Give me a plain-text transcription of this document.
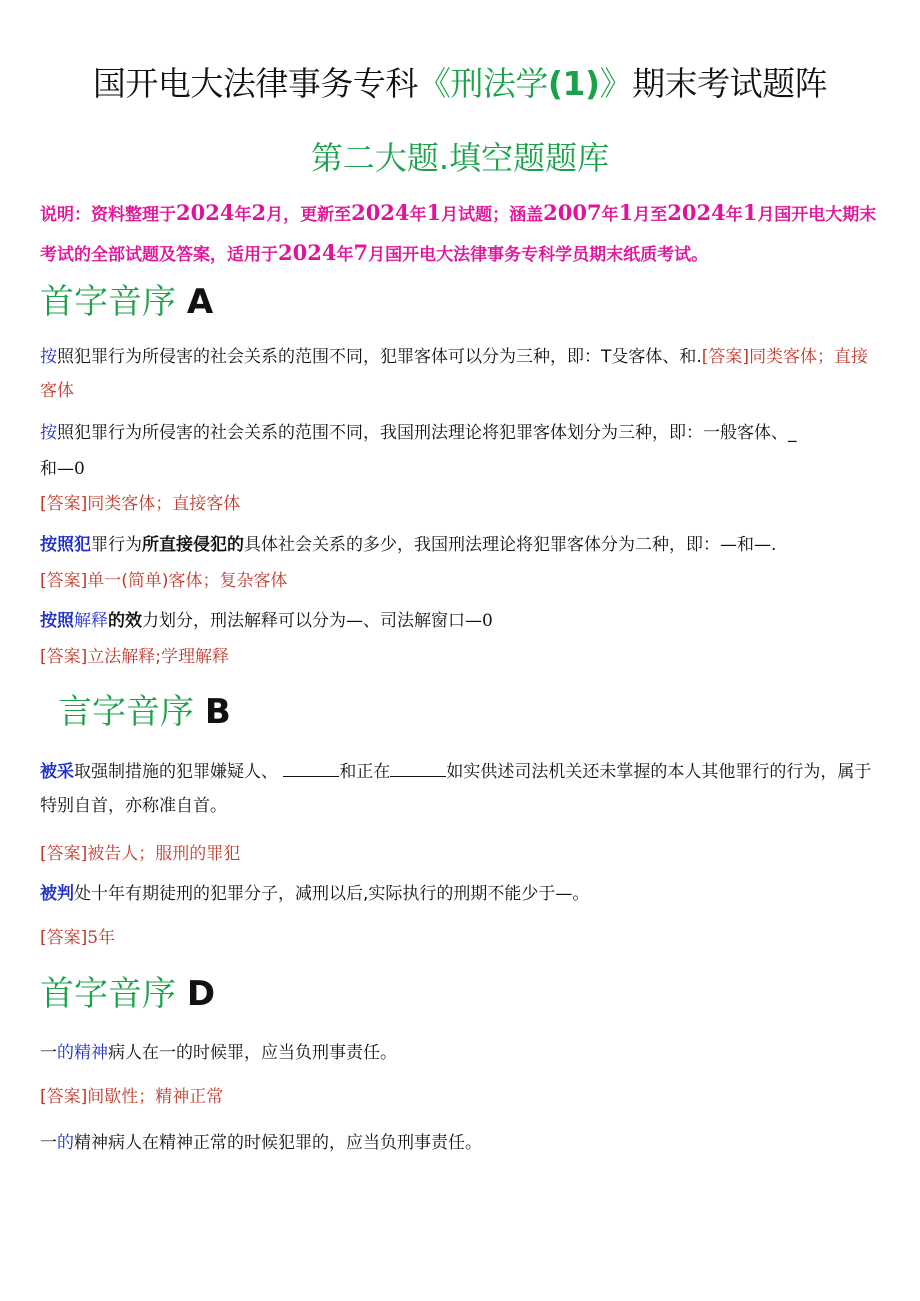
国开电大法律事务专科《刑法学(1)》期末考试题阵
第二大题.填空题题库
说明：资料整理于2024年2月，更新至2024年1月试题；涵盖2007年1月至2024年1月国开电大期末考试的全部试题及答案，适用于2024年7月国开电大法律事务专科学员期末纸质考试。
首字音序 A
按照犯罪行为所侵害的社会关系的范围不同，犯罪客体可以分为三种，即：T殳客体、和.[答案]同类客体；直接客体
按照犯罪行为所侵害的社会关系的范围不同，我国刑法理论将犯罪客体划分为三种，即：一般客体、_
和—0
[答案]同类客体；直接客体
按照犯罪行为所直接侵犯的具体社会关系的多少，我国刑法理论将犯罪客体分为二种，即：—和—.
[答案]单一(简单)客体；复杂客体
按照解释的效力划分，刑法解释可以分为—、司法解窗口—0
[答案]立法解释;学理解释
言字音序 B
被采取强制措施的犯罪嫌疑人、	和正在	如实供述司法机关还未掌握的本人其他罪行的行为，属于特别自首，亦称准自首。
[答案]被告人；服刑的罪犯
被判处十年有期徒刑的犯罪分子，减刑以后,实际执行的刑期不能少于—。
[答案]5年
首字音序 D
一的精神病人在一的时候罪，应当负刑事责任。
[答案]间歇性；精神正常
一的精神病人在精神正常的时候犯罪的，应当负刑事责任。
